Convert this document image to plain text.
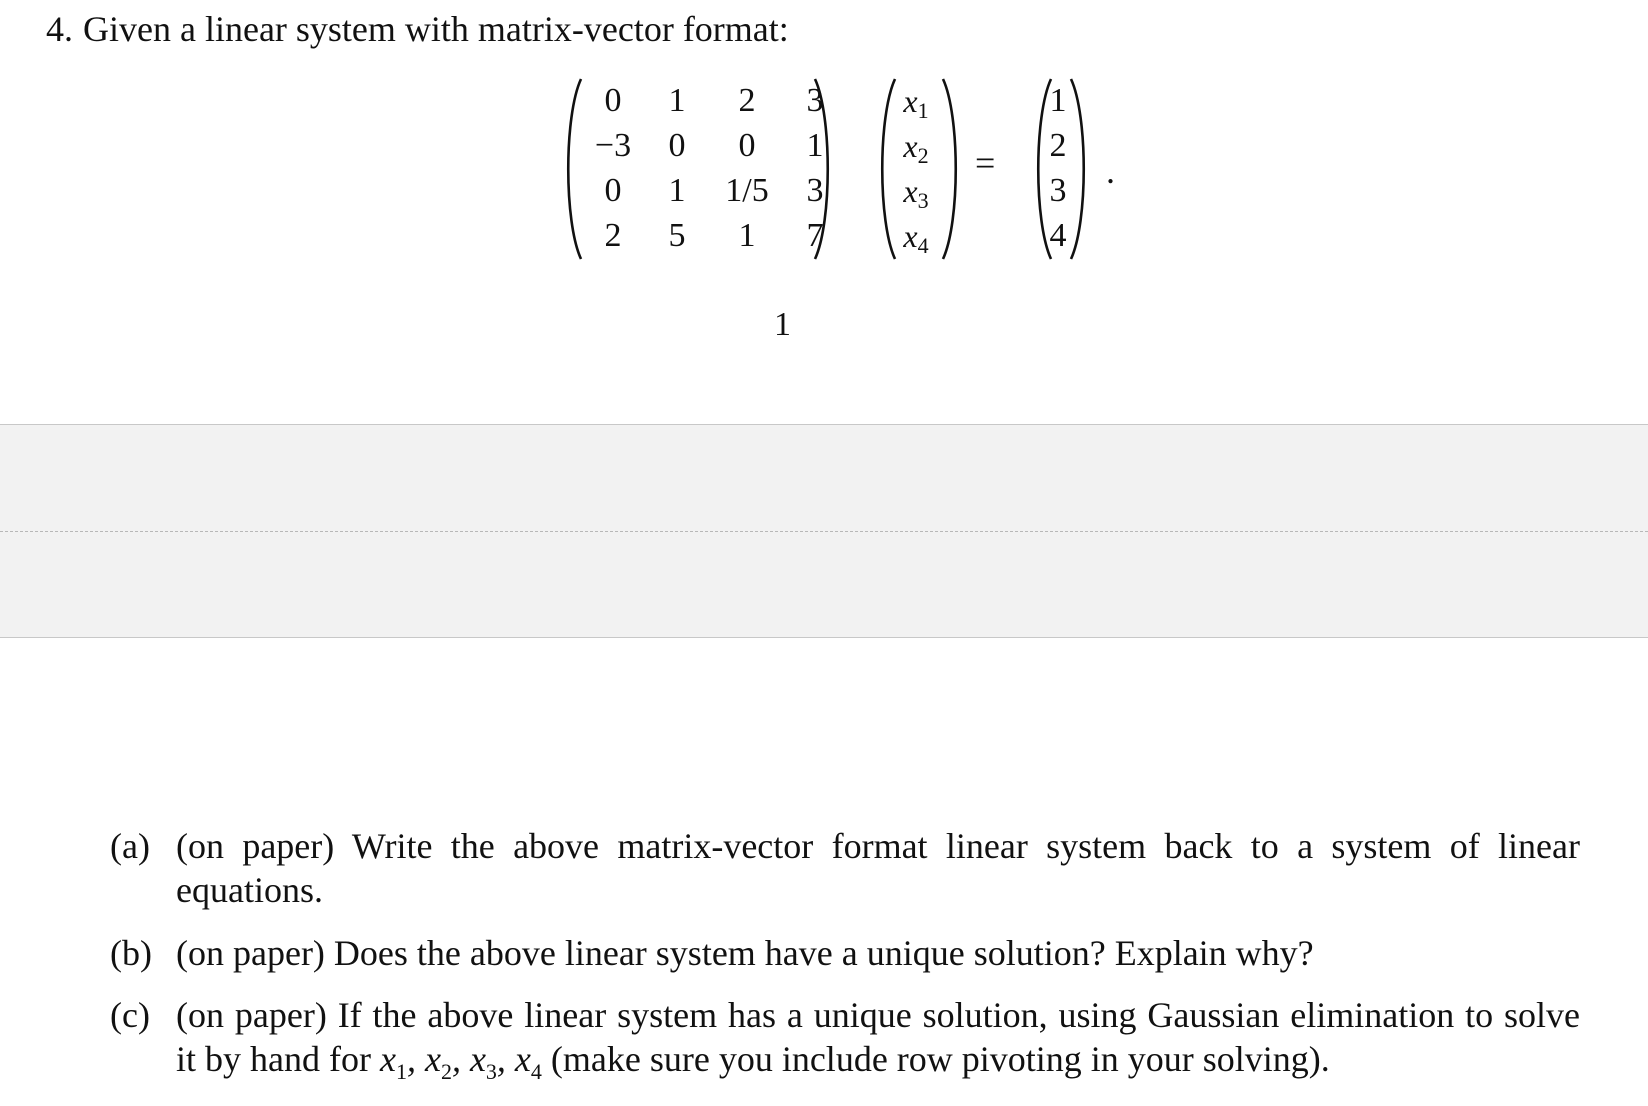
4. Given a linear system with matrix-vector format:
0	1	2	3
−3	0	0	1
0	1	1/5	3
2	5	1	7
$x_1$
$x_2$
$x_3$
$x_4$
=
1
2
3
4
.
1
(a) (on paper) Write the above matrix-vector format linear system back to a system of linear equations.
(b) (on paper) Does the above linear system have a unique solution? Explain why?
(c) (on paper) If the above linear system has a unique solution, using Gaussian elimination to solve it by hand for $x_1$, $x_2$, $x_3$, $x_4$ (make sure you include row pivoting in your solving).
